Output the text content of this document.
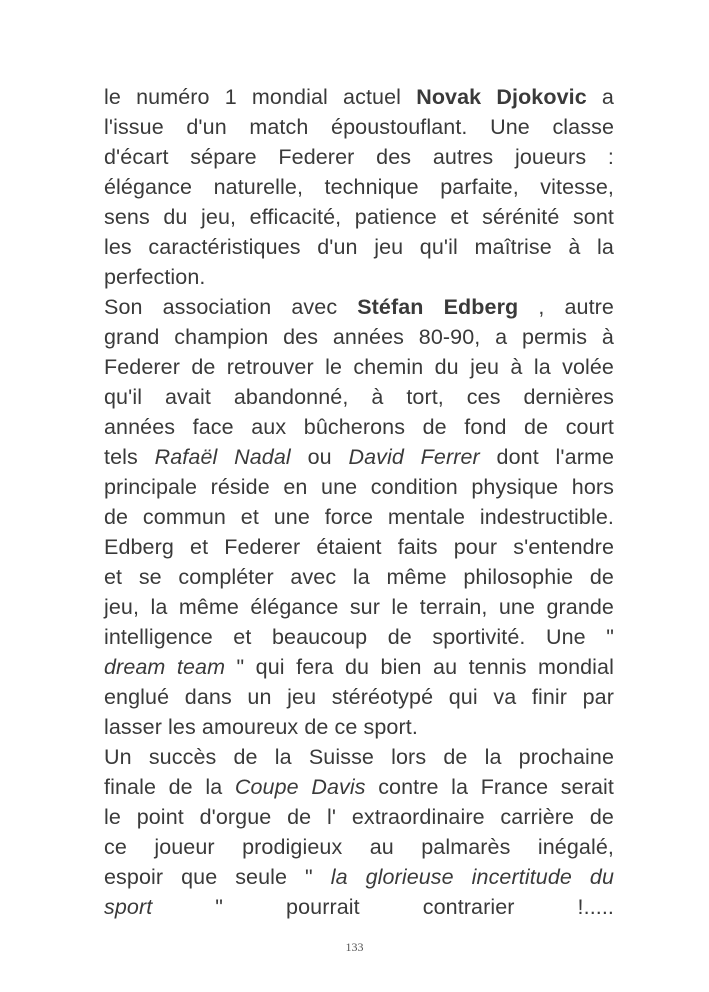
le numéro 1 mondial actuel Novak Djokovic a
l'issue d'un match époustouflant. Une classe
d'écart sépare Federer des autres joueurs :
élégance naturelle, technique parfaite, vitesse,
sens du jeu, efficacité, patience et sérénité sont
les caractéristiques d'un jeu qu'il maîtrise à la
perfection.
Son association avec Stéfan Edberg , autre
grand champion des années 80-90, a permis à
Federer de retrouver le chemin du jeu à la volée
qu'il avait abandonné, à tort, ces dernières
années face aux bûcherons de fond de court
tels Rafaël Nadal ou David Ferrer dont l'arme
principale réside en une condition physique hors
de commun et une force mentale indestructible.
Edberg et Federer étaient faits pour s'entendre
et se compléter avec la même philosophie de
jeu, la même élégance sur le terrain, une grande
intelligence et beaucoup de sportivité. Une "
dream team " qui fera du bien au tennis mondial
englué dans un jeu stéréotypé qui va finir par
lasser les amoureux de ce sport.
Un succès de la Suisse lors de la prochaine
finale de la Coupe Davis contre la France serait
le point d'orgue de l' extraordinaire carrière de
ce joueur prodigieux au palmarès inégalé,
espoir que seule " la glorieuse incertitude du
sport " pourrait contrarier !.....
133
